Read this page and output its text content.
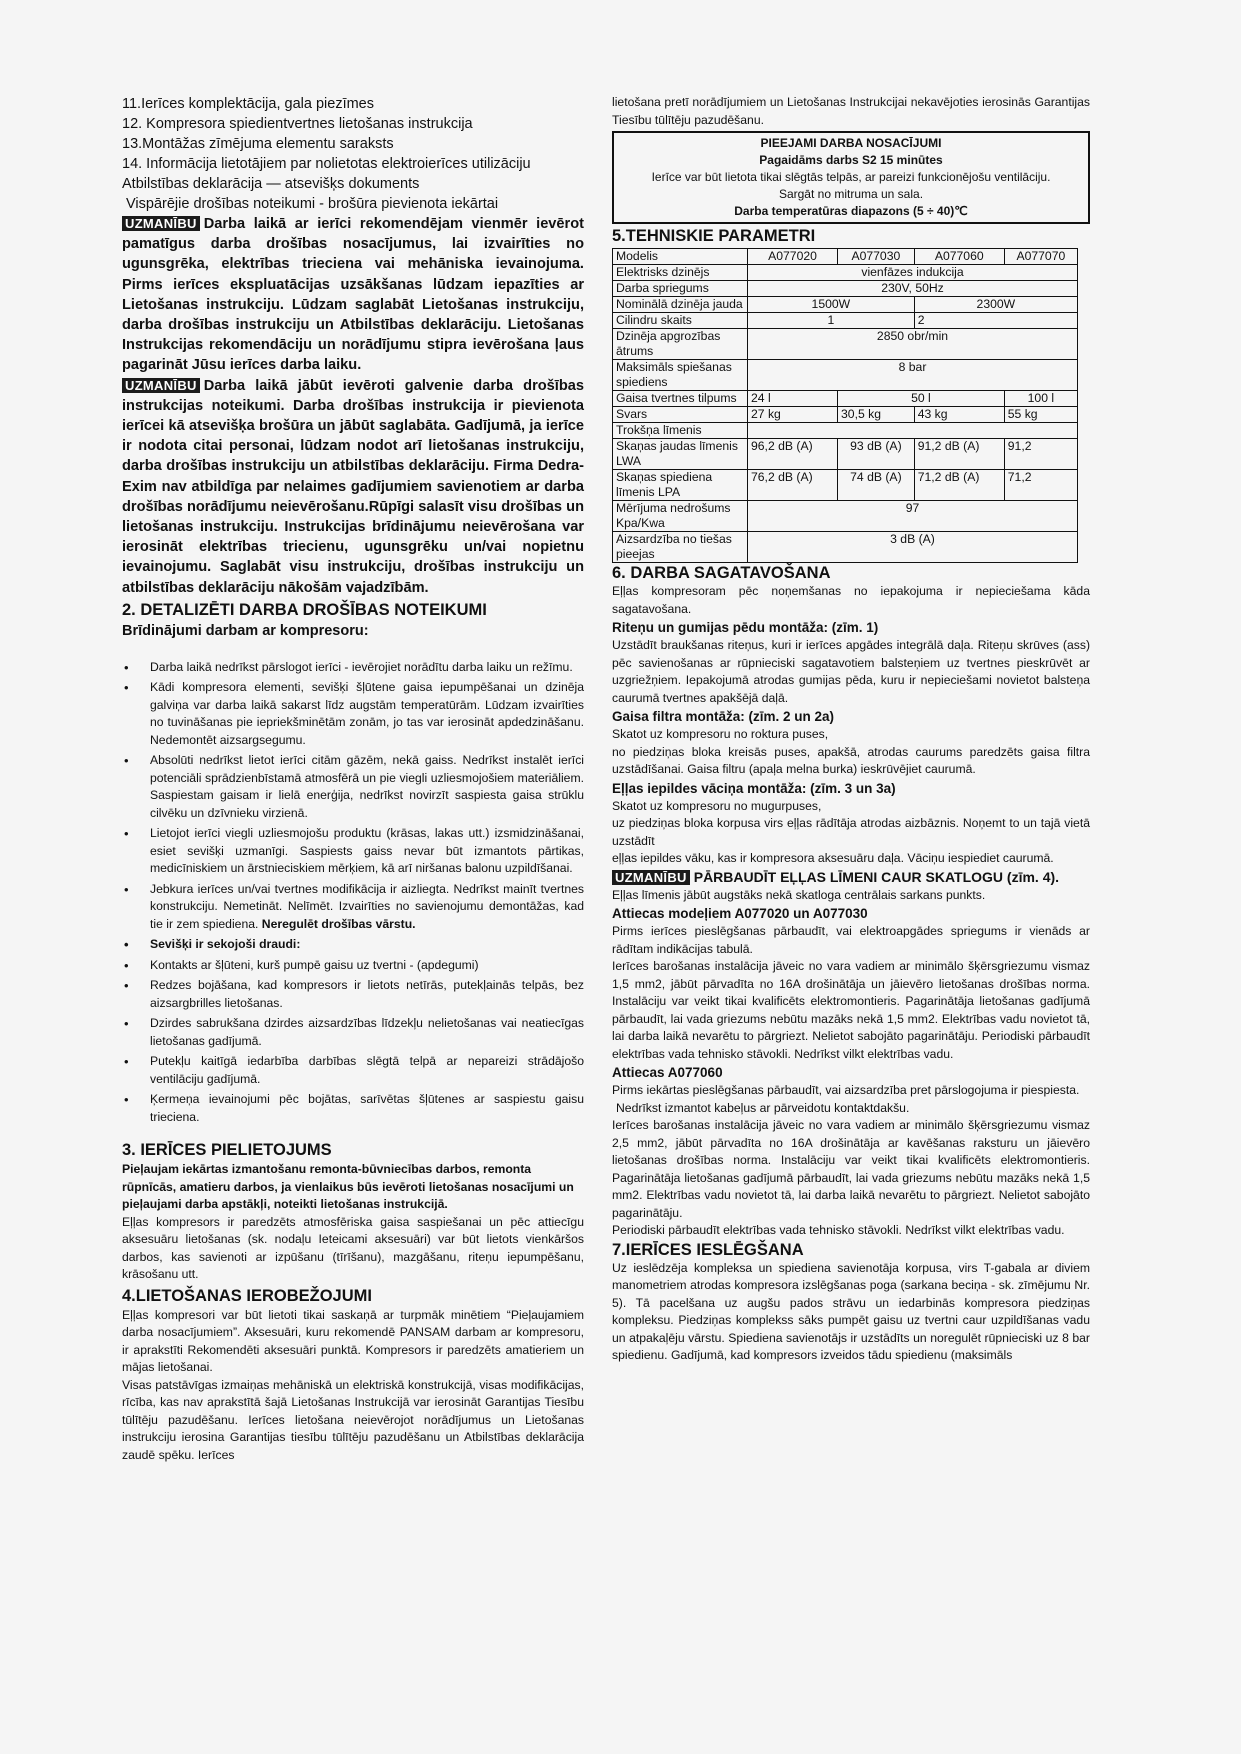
11.Ierīces komplektācija, gala piezīmes
12. Kompresora spiedientvertnes lietošanas instrukcija
13.Montāžas zīmējuma elementu saraksts
14. Informācija lietotājiem par nolietotas elektroierīces utilizāciju
Atbilstības deklarācija — atsevišķs dokuments
Vispārējie drošības noteikumi - brošūra pievienota iekārtai
UZMANĪBU Darba laikā ar ierīci rekomendējam vienmēr ievērot pamatīgus darba drošības nosacījumus, lai izvairīties no ugunsgrēka, elektrības trieciena vai mehāniska ievainojuma. Pirms ierīces ekspluatācijas uzsākšanas lūdzam iepazīties ar Lietošanas instrukciju. Lūdzam saglabāt Lietošanas instrukciju, darba drošības instrukciju un Atbilstības deklarāciju. Lietošanas Instrukcijas rekomendāciju un norādījumu stipra ievērošana ļaus pagarināt Jūsu ierīces darba laiku.
UZMANĪBU Darba laikā jābūt ievēroti galvenie darba drošības instrukcijas noteikumi. Darba drošības instrukcija ir pievienota ierīcei kā atsevišķa brošūra un jābūt saglabāta. Gadījumā, ja ierīce ir nodota citai personai, lūdzam nodot arī lietošanas instrukciju, darba drošības instrukciju un atbilstības deklarāciju. Firma Dedra-Exim nav atbildīga par nelaimes gadījumiem savienotiem ar darba drošības norādījumu neievērošanu.Rūpīgi salasīt visu drošības un lietošanas instrukciju. Instrukcijas brīdinājumu neievērošana var ierosināt elektrības triecienu, ugunsgrēku un/vai nopietnu ievainojumu. Saglabāt visu instrukciju, drošības instrukciju un atbilstības deklarāciju nākošām vajadzībām.
2. DETALIZĒTI DARBA DROŠĪBAS NOTEIKUMI
Brīdinājumi darbam ar kompresoru:
• Darba laikā nedrīkst pārslogot ierīci - ievērojiet norādītu darba laiku un režīmu.
• Kādi kompresora elementi, sevišķi šļūtene gaisa iepumpēšanai un dzinēja galviņa var darba laikā sakarst līdz augstām temperatūrām. Lūdzam izvairīties no tuvināšanas pie iepriekšminētām zonām, jo tas var ierosināt apdedzināšanu. Nedemontēt aizsargsegumu.
• Absolūti nedrīkst lietot ierīci citām gāzēm, nekā gaiss. Nedrīkst instalēt ierīci potenciāli sprādzienbīstamā atmosfērā un pie viegli uzliesmojošiem materiāliem. Saspiestam gaisam ir lielā enerģija, nedrīkst novirzīt saspiesta gaisa strūklu cilvēku un dzīvnieku virzienā.
• Lietojot ierīci viegli uzliesmojošu produktu (krāsas, lakas utt.) izsmidzināšanai, esiet sevišķi uzmanīgi. Saspiests gaiss nevar būt izmantots pārtikas, medicīniskiem un ārstnieciskiem mērķiem, kā arī niršanas balonu uzpildīšanai.
• Jebkura ierīces un/vai tvertnes modifikācija ir aizliegta. Nedrīkst mainīt tvertnes konstrukciju. Nemetināt. Nelīmēt. Izvairīties no savienojumu demontāžas, kad tie ir zem spiediena. Neregulēt drošības vārstu.
• Sevišķi ir sekojoši draudi:
• Kontakts ar šļūteni, kurš pumpē gaisu uz tvertni - (apdegumi)
• Redzes bojāšana, kad kompresors ir lietots netīrās, putekļainās telpās, bez aizsargbrilles lietošanas.
• Dzirdes sabrukšana dzirdes aizsardzības līdzekļu nelietošanas vai neatiecīgas lietošanas gadījumā.
• Putekļu kaitīgā iedarbība darbības slēgtā telpā ar nepareizi strādājošo ventilāciju gadījumā.
• Ķermeņa ievainojumi pēc bojātas, sarīvētas šļūtenes ar saspiestu gaisu trieciena.
3. IERĪCES PIELIETOJUMS
Pieļaujam iekārtas izmantošanu remonta-būvniecības darbos, remonta rūpnīcās, amatieru darbos, ja vienlaikus būs ievēroti lietošanas nosacījumi un pieļaujami darba apstākļi, noteikti lietošanas instrukcijā.
Eļļas kompresors ir paredzēts atmosfēriska gaisa saspiešanai un pēc attiecīgu aksesuāru lietošanas (sk. nodaļu Ieteicami aksesuāri) var būt lietots vienkāršos darbos, kas savienoti ar izpūšanu (tīrīšanu), mazgāšanu, riteņu iepumpēšanu, krāsošanu utt.
4.LIETOŠANAS IEROBEŽOJUMI
Eļļas kompresori var būt lietoti tikai saskaņā ar turpmāk minētiem “Pieļaujamiem darba nosacījumiem”. Aksesuāri, kuru rekomendē PANSAM darbam ar kompresoru, ir aprakstīti Rekomendēti aksesuāri punktā. Kompresors ir paredzēts amatieriem un mājas lietošanai.
Visas patstāvīgas izmaiņas mehāniskā un elektriskā konstrukcijā, visas modifikācijas, rīcība, kas nav aprakstītā šajā Lietošanas Instrukcijā var ierosināt Garantijas Tiesību tūlītēju pazudēšanu. Ierīces lietošana neievērojot norādījumus un Lietošanas instrukciju ierosina Garantijas tiesību tūlītēju pazudēšanu un Atbilstības deklarācija zaudē spēku. Ierīces
lietošana pretī norādījumiem un Lietošanas Instrukcijai nekavējoties ierosinās Garantijas Tiesību tūlītēju pazudēšanu.
PIEEJAMI DARBA NOSACĪJUMI
Pagaidāms darbs S2 15 minūtes
Ierīce var būt lietota tikai slēgtās telpās, ar pareizi funkcionējošu ventilāciju.
Sargāt no mitruma un sala.
Darba temperatūras diapazons (5 ÷ 40)℃
5.TEHNISKIE PARAMETRI
Modelis	A077020	A077030	A077060	A077070
Elektrisks dzinējs	vienfāzes indukcija			
Darba spriegums	230V, 50Hz			
Nominālā dzinēja jauda	1500W		2300W	
Cilindru skaits	1		2	
Dzinēja apgrozības ātrums	2850 obr/min			
Maksimāls spiešanas spiediens	8 bar			
Gaisa tvertnes tilpums	24 l	50 l		100 l
Svars	27 kg	30,5 kg	43 kg	55 kg
Trokšņa līmenis				
Skaņas jaudas līmenis LWA	96,2 dB (A)	93 dB (A)	91,2 dB (A)	91,2
Skaņas spiediena līmenis LPA	76,2 dB (A)	74 dB (A)	71,2 dB (A)	71,2
Mērījuma nedrošums Kpa/Kwa	97			
Aizsardzība no tiešas pieejas	3 dB (A)			
6. DARBA SAGATAVOŠANA
Eļļas kompresoram pēc noņemšanas no iepakojuma ir nepieciešama kāda sagatavošana.
Riteņu un gumijas pēdu montāža: (zīm. 1)
Uzstādīt braukšanas riteņus, kuri ir ierīces apgādes integrālā daļa. Riteņu skrūves (ass) pēc savienošanas ar rūpnieciski sagatavotiem balsteņiem uz tvertnes pieskrūvēt ar uzgriežņiem. Iepakojumā atrodas gumijas pēda, kuru ir nepieciešami novietot balsteņa caurumā tvertnes apakšējā daļā.
Gaisa filtra montāža: (zīm. 2 un 2a)
Skatot uz kompresoru no roktura puses,
no piedziņas bloka kreisās puses, apakšā, atrodas caurums paredzēts gaisa filtra uzstādīšanai. Gaisa filtru (apaļa melna burka) ieskrūvējiet caurumā.
Eļļas iepildes vāciņa montāža: (zīm. 3 un 3a)
Skatot uz kompresoru no mugurpuses,
uz piedziņas bloka korpusa virs eļļas rādītāja atrodas aizbāznis. Noņemt to un tajā vietā uzstādīt
eļļas iepildes vāku, kas ir kompresora aksesuāru daļa. Vāciņu iespiediet caurumā.
UZMANĪBU PĀRBAUDĪT EĻĻAS LĪMENI CAUR SKATLOGU (zīm. 4).
Eļļas līmenis jābūt augstāks nekā skatloga centrālais sarkans punkts.
Attiecas modeļiem A077020 un A077030
Pirms ierīces pieslēgšanas pārbaudīt, vai elektroapgādes spriegums ir vienāds ar rādītam indikācijas tabulā.
Ierīces barošanas instalācija jāveic no vara vadiem ar minimālo šķērsgriezumu vismaz 1,5 mm2, jābūt pārvadīta no 16A drošinātāja un jāievēro lietošanas drošības norma. Instalāciju var veikt tikai kvalificēts elektromontieris. Pagarinātāja lietošanas gadījumā pārbaudīt, lai vada griezums nebūtu mazāks nekā 1,5 mm2. Elektrības vadu novietot tā, lai darba laikā nevarētu to pārgriezt. Nelietot sabojāto pagarinātāju. Periodiski pārbaudīt elektrības vada tehnisko stāvokli. Nedrīkst vilkt elektrības vadu.
Attiecas A077060
Pirms iekārtas pieslēgšanas pārbaudīt, vai aizsardzība pret pārslogojuma ir piespiesta.
Nedrīkst izmantot kabeļus ar pārveidotu kontaktdakšu.
Ierīces barošanas instalācija jāveic no vara vadiem ar minimālo šķērsgriezumu vismaz 2,5 mm2, jābūt pārvadīta no 16A drošinātāja ar kavēšanas raksturu un jāievēro lietošanas drošības norma. Instalāciju var veikt tikai kvalificēts elektromontieris. Pagarinātāja lietošanas gadījumā pārbaudīt, lai vada griezums nebūtu mazāks nekā 1,5 mm2. Elektrības vadu novietot tā, lai darba laikā nevarētu to pārgriezt. Nelietot sabojāto pagarinātāju.
Periodiski pārbaudīt elektrības vada tehnisko stāvokli. Nedrīkst vilkt elektrības vadu.
7.IERĪCES IESLĒGŠANA
Uz ieslēdzēja kompleksa un spiediena savienotāja korpusa, virs T-gabala ar diviem manometriem atrodas kompresora izslēgšanas poga (sarkana beciņa - sk. zīmējumu Nr. 5). Tā pacelšana uz augšu pados strāvu un iedarbinās kompresora piedziņas kompleksu. Piedziņas komplekss sāks pumpēt gaisu uz tvertni caur uzpildīšanas vadu un atpakaļēju vārstu. Spiediena savienotājs ir uzstādīts un noregulēt rūpnieciski uz 8 bar spiedienu. Gadījumā, kad kompresors izveidos tādu spiedienu (maksimāls
